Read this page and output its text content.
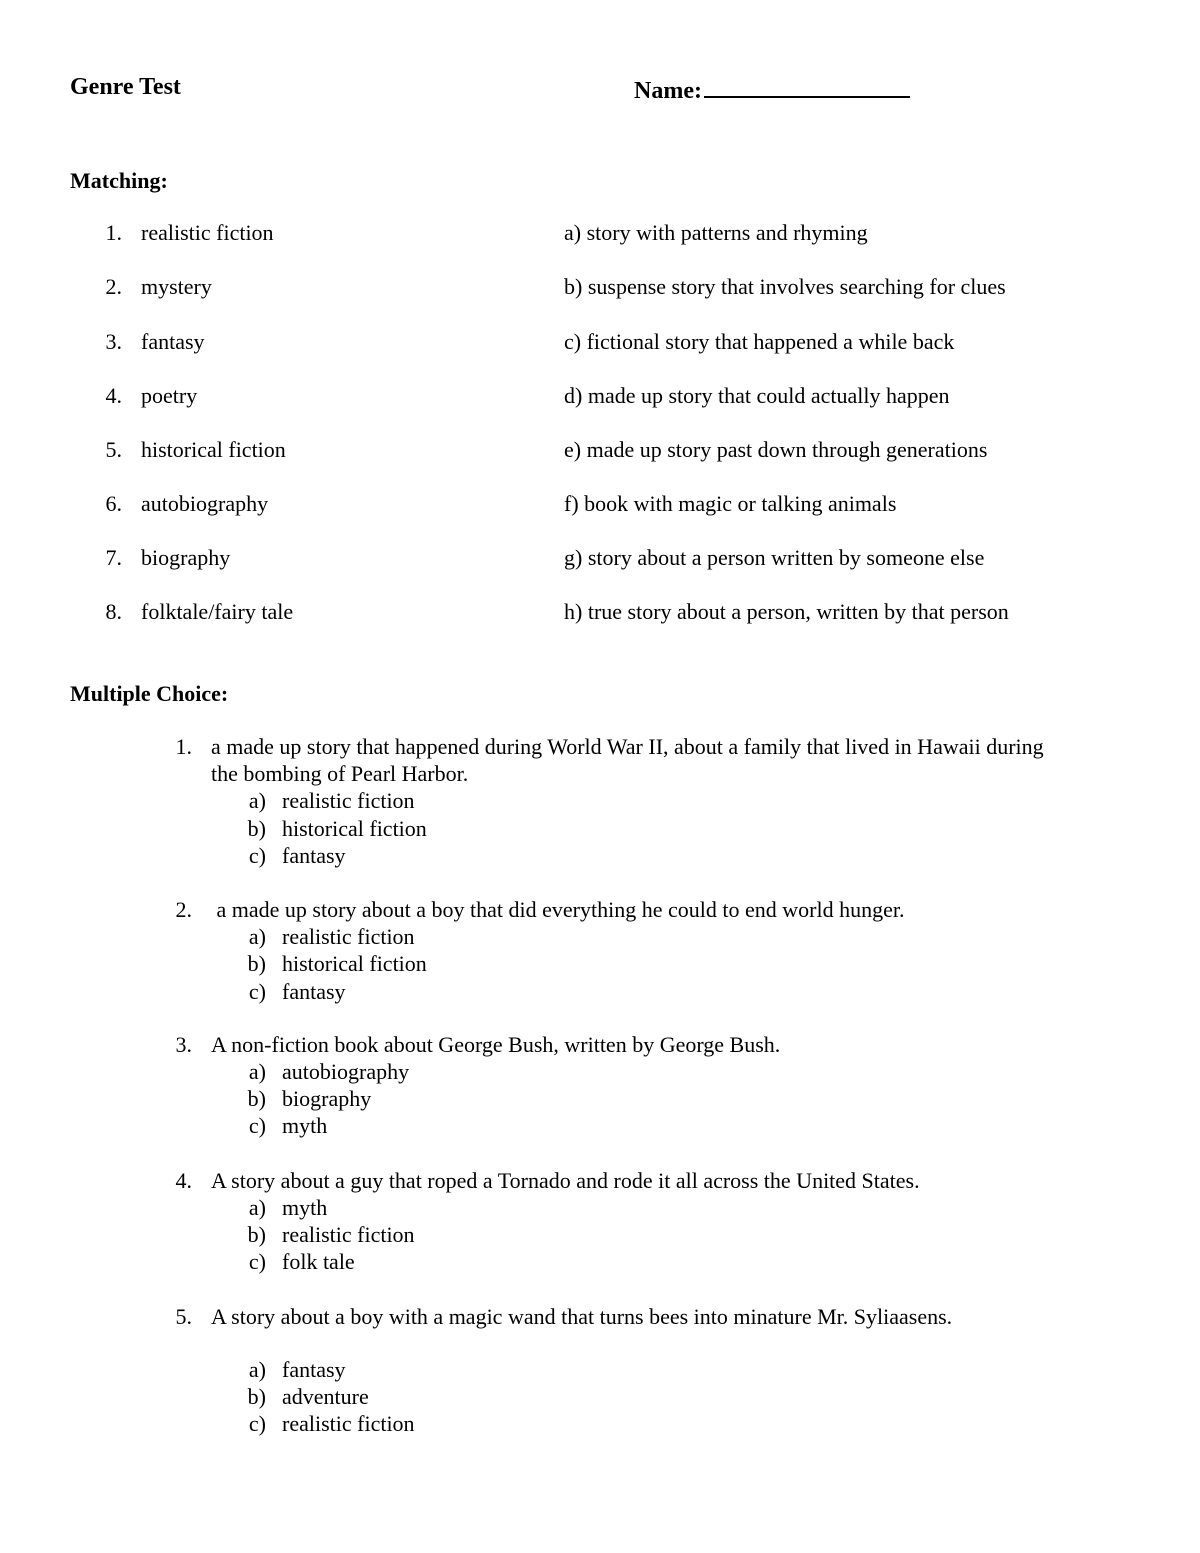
Genre Test	Name:
Matching:
1. realistic fiction	a) story with patterns and rhyming
2. mystery	b) suspense story that involves searching for clues
3. fantasy	c) fictional story that happened a while back
4. poetry	d) made up story that could actually happen
5. historical fiction	e) made up story past down through generations
6. autobiography	f) book with magic or talking animals
7. biography	g) story about a person written by someone else
8. folktale/fairy tale	h) true story about a person, written by that person
Multiple Choice:
1. a made up story that happened during World War II, about a family that lived in Hawaii during
the bombing of Pearl Harbor.
a) realistic fiction
b) historical fiction
c) fantasy
2. a made up story about a boy that did everything he could to end world hunger.
a) realistic fiction
b) historical fiction
c) fantasy
3. A non-fiction book about George Bush, written by George Bush.
a) autobiography
b) biography
c) myth
4. A story about a guy that roped a Tornado and rode it all across the United States.
a) myth
b) realistic fiction
c) folk tale
5. A story about a boy with a magic wand that turns bees into minature Mr. Syliaasens.
a) fantasy
b) adventure
c) realistic fiction
